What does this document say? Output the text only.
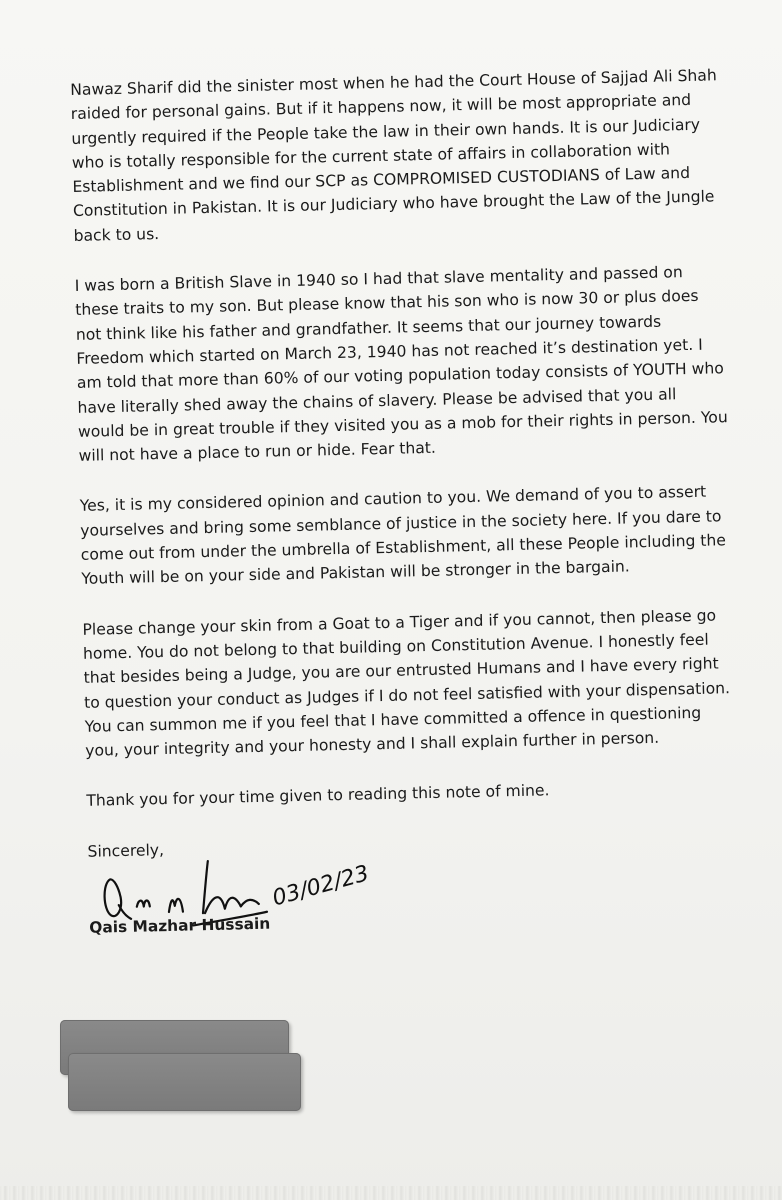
Nawaz Sharif did the sinister most when he had the Court House of Sajjad Ali Shah raided for personal gains. But if it happens now, it will be most appropriate and urgently required if the People take the law in their own hands. It is our Judiciary who is totally responsible for the current state of affairs in collaboration with Establishment and we find our SCP as COMPROMISED CUSTODIANS of Law and Constitution in Pakistan. It is our Judiciary who have brought the Law of the Jungle back to us.

I was born a British Slave in 1940 so I had that slave mentality and passed on these traits to my son. But please know that his son who is now 30 or plus does not think like his father and grandfather. It seems that our journey towards Freedom which started on March 23, 1940 has not reached it’s destination yet. I am told that more than 60% of our voting population today consists of YOUTH who have literally shed away the chains of slavery. Please be advised that you all would be in great trouble if they visited you as a mob for their rights in person. You will not have a place to run or hide. Fear that.

Yes, it is my considered opinion and caution to you. We demand of you to assert yourselves and bring some semblance of justice in the society here. If you dare to come out from under the umbrella of Establishment, all these People including the Youth will be on your side and Pakistan will be stronger in the bargain.

Please change your skin from a Goat to a Tiger and if you cannot, then please go home. You do not belong to that building on Constitution Avenue. I honestly feel that besides being a Judge, you are our entrusted Humans and I have every right to question your conduct as Judges if I do not feel satisfied with your dispensation. You can summon me if you feel that I have committed a offence in questioning you, your integrity and your honesty and I shall explain further in person.

Thank you for your time given to reading this note of mine.

Sincerely,

03/02/23
Qais Mazhar Hussain
